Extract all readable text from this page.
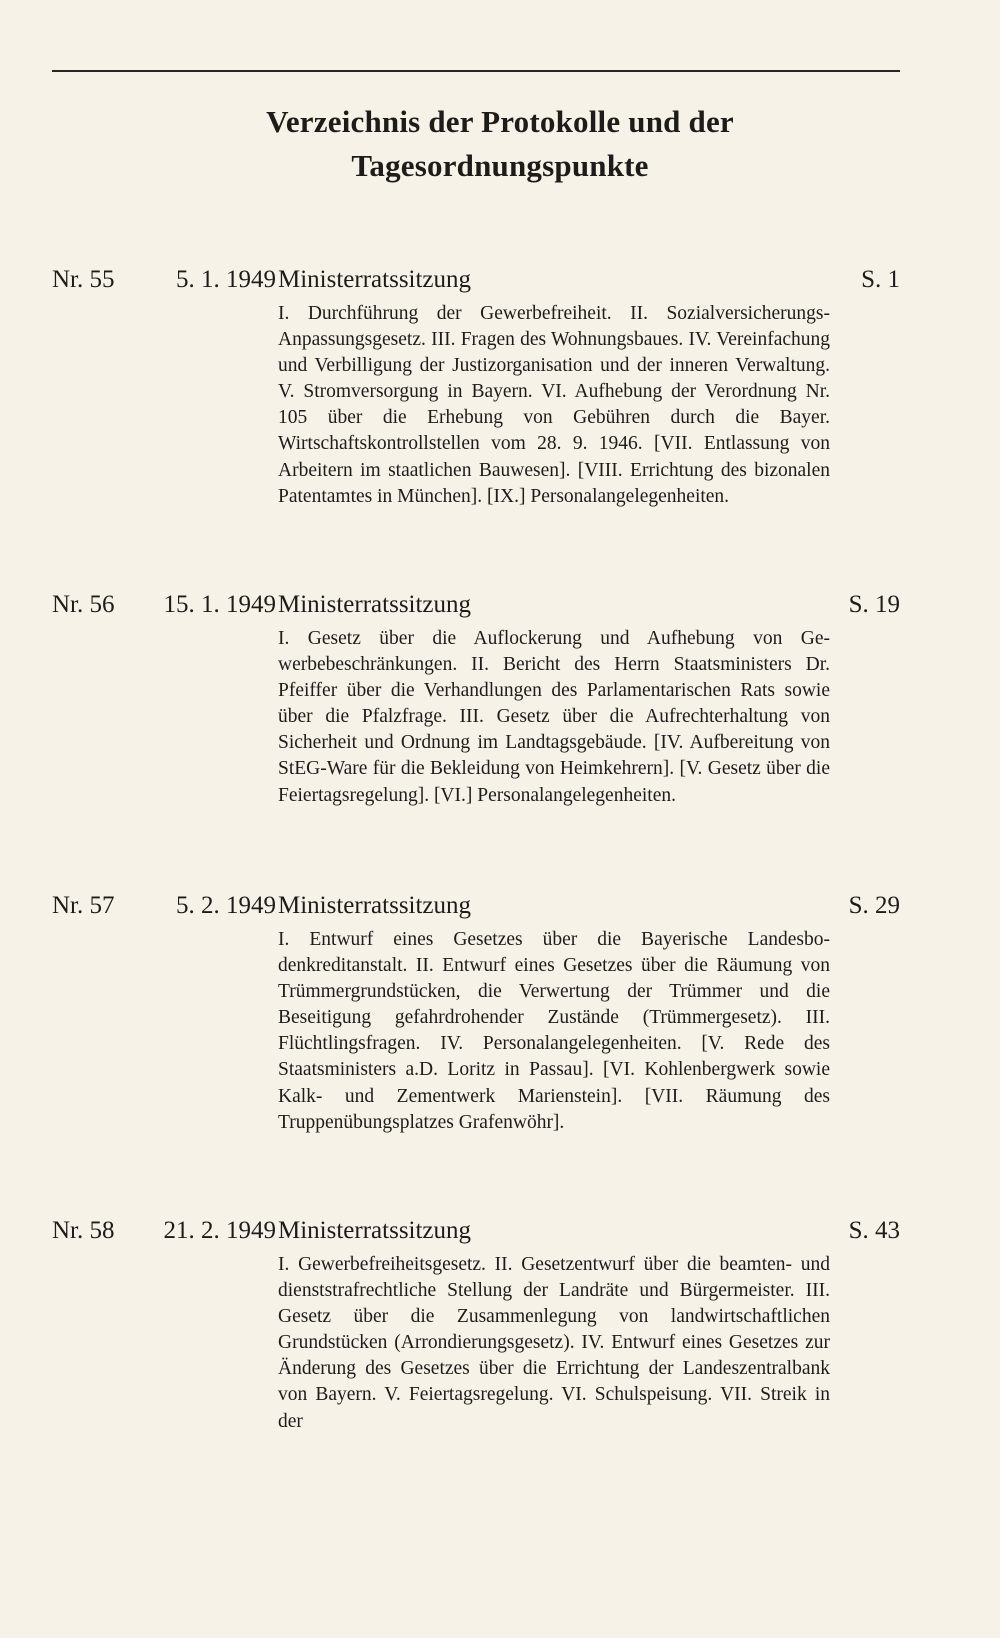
Verzeichnis der Protokolle und der
Tagesordnungspunkte
Nr. 55 5. 1. 1949 Ministerratssitzung	S. 1
I. Durchführung der Gewerbefreiheit. II. Sozialversicherungs-Anpassungsgesetz. III. Fragen des Wohnungsbaues. IV. Vereinfachung und Verbilligung der Justizorganisation und der inneren Verwaltung. V. Stromversorgung in Bayern. VI. Aufhebung der Verordnung Nr. 105 über die Erhebung von Gebühren durch die Bayer. Wirtschaftskontrollstellen vom 28. 9. 1946. [VII. Entlassung von Arbeitern im staatlichen Bauwesen]. [VIII. Errichtung des bizonalen Patentamtes in München]. [IX.] Personalangelegenheiten.
Nr. 56 15. 1. 1949 Ministerratssitzung	S. 19
I. Gesetz über die Auflockerung und Aufhebung von Gewerbebeschränkungen. II. Bericht des Herrn Staatsministers Dr. Pfeiffer über die Verhandlungen des Parlamentarischen Rats sowie über die Pfalzfrage. III. Gesetz über die Aufrechterhaltung von Sicherheit und Ordnung im Landtagsgebäude. [IV. Aufbereitung von StEG-Ware für die Bekleidung von Heimkehrern]. [V. Gesetz über die Feiertagsregelung]. [VI.] Personalangelegenheiten.
Nr. 57 5. 2. 1949 Ministerratssitzung	S. 29
I. Entwurf eines Gesetzes über die Bayerische Landesbodenkreditanstalt. II. Entwurf eines Gesetzes über die Räumung von Trümmergrundstücken, die Verwertung der Trümmer und die Beseitigung gefahrdrohender Zustände (Trümmergesetz). III. Flüchtlingsfragen. IV. Personalangelegenheiten. [V. Rede des Staatsministers a.D. Loritz in Passau]. [VI. Kohlenbergwerk sowie Kalk- und Zementwerk Marienstein]. [VII. Räumung des Truppenübungsplatzes Grafenwöhr].
Nr. 58 21. 2. 1949 Ministerratssitzung	S. 43
I. Gewerbefreiheitsgesetz. II. Gesetzentwurf über die beamten- und dienststrafrechtliche Stellung der Landräte und Bürgermeister. III. Gesetz über die Zusammenlegung von landwirtschaftlichen Grundstücken (Arrondierungsgesetz). IV. Entwurf eines Gesetzes zur Änderung des Gesetzes über die Errichtung der Landeszentralbank von Bayern. V. Feiertagsregelung. VI. Schulspeisung. VII. Streik in der
